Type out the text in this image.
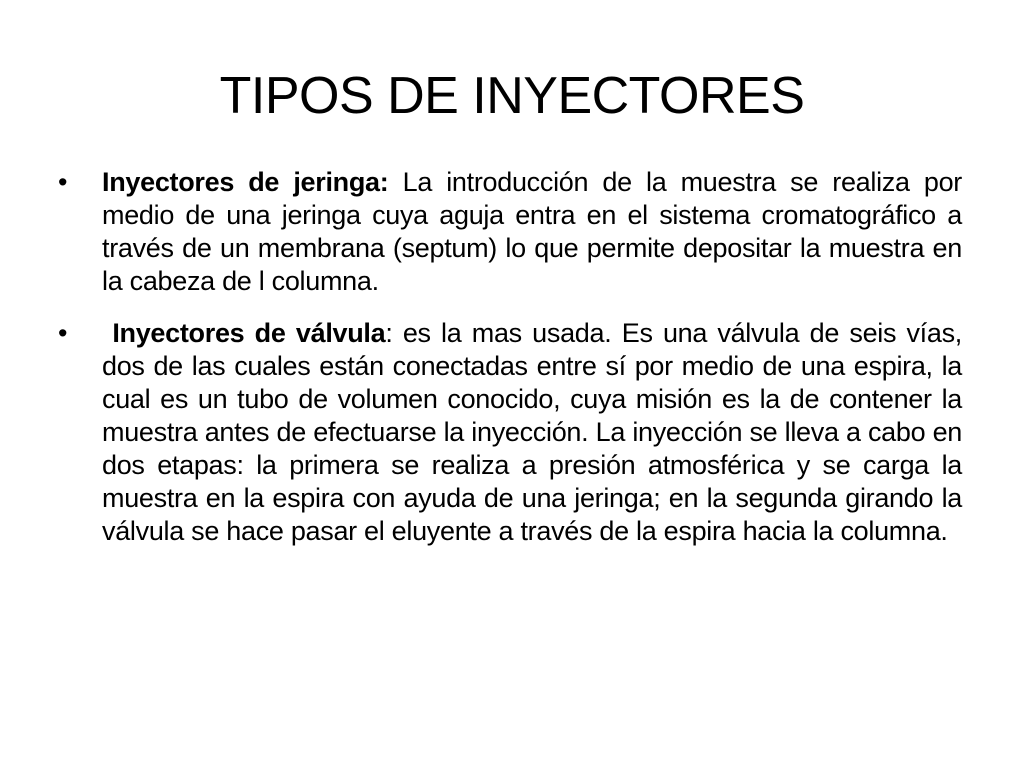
TIPOS DE INYECTORES
•	Inyectores de jeringa: La introducción de la muestra se realiza por medio de una jeringa cuya aguja entra en el sistema cromatográfico a través de un membrana (septum) lo que permite depositar la muestra en la cabeza de l columna.
•	Inyectores de válvula: es la mas usada. Es una válvula de seis vías, dos de las cuales están conectadas entre sí por medio de una espira, la cual es un tubo de volumen conocido, cuya misión es la de contener la muestra antes de efectuarse la inyección. La inyección se lleva a cabo en dos etapas: la primera se realiza a presión atmosférica y se carga la muestra en la espira con ayuda de una jeringa; en la segunda girando la válvula se hace pasar el eluyente a través de la espira hacia la columna.
